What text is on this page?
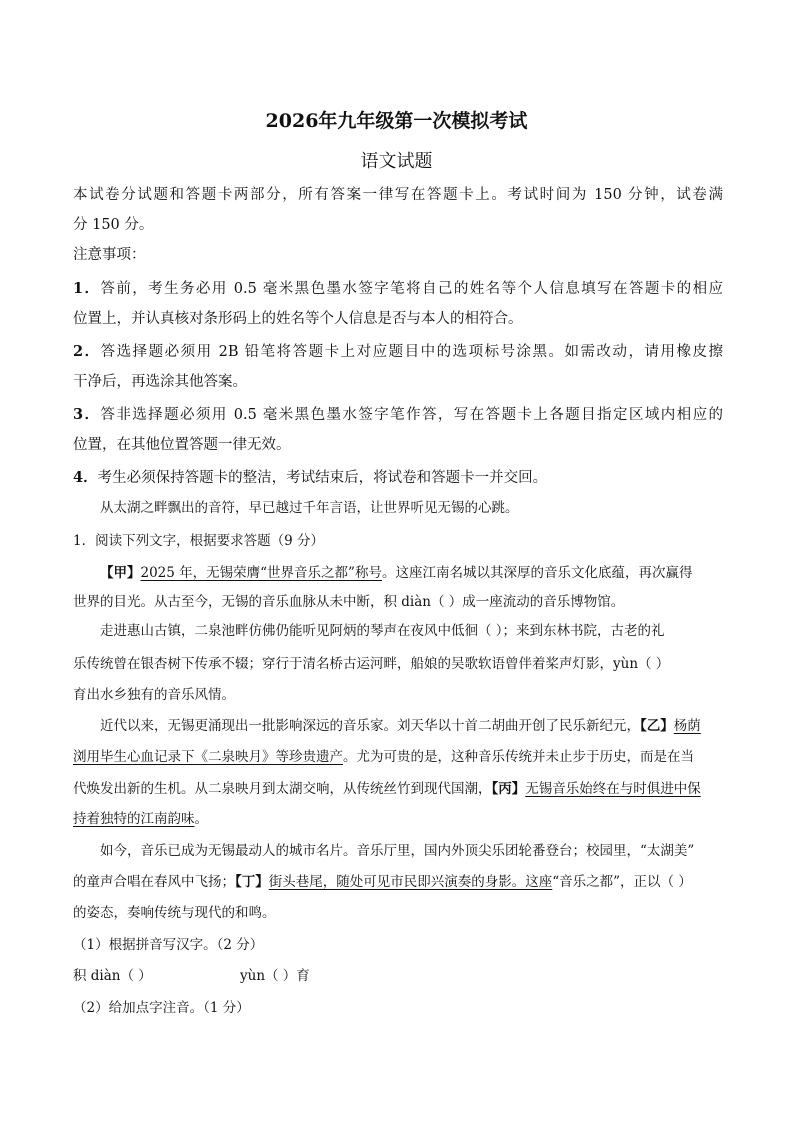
2026年九年级第一次模拟考试
语文试题
本试卷分试题和答题卡两部分，所有答案一律写在答题卡上。考试时间为 150 分钟，试卷满
分 150 分。
注意事项：
1．答前，考生务必用 0.5 毫米黑色墨水签字笔将自己的姓名等个人信息填写在答题卡的相应
位置上，并认真核对条形码上的姓名等个人信息是否与本人的相符合。
2．答选择题必须用 2B 铅笔将答题卡上对应题目中的选项标号涂黑。如需改动，请用橡皮擦
干净后，再选涂其他答案。
3．答非选择题必须用 0.5 毫米黑色墨水签字笔作答，写在答题卡上各题目指定区域内相应的
位置，在其他位置答题一律无效。
4．考生必须保持答题卡的整洁，考试结束后，将试卷和答题卡一并交回。
从太湖之畔飘出的音符，早已越过千年言语，让世界听见无锡的心跳。
1．阅读下列文字，根据要求答题（9 分）
【甲】2025 年，无锡荣膺“世界音乐之都”称号。这座江南名城以其深厚的音乐文化底蕴，再次赢得
世界的目光。从古至今，无锡的音乐血脉从未中断，积 diàn（ ）成一座流动的音乐博物馆。
走进惠山古镇，二泉池畔仿佛仍能听见阿炳的琴声在夜风中低徊（ ）；来到东林书院，古老的礼
乐传统曾在银杏树下传承不辍；穿行于清名桥古运河畔，船娘的吴歌软语曾伴着桨声灯影，yùn（ ）
育出水乡独有的音乐风情。
近代以来，无锡更涌现出一批影响深远的音乐家。刘天华以十首二胡曲开创了民乐新纪元，【乙】杨荫
浏用毕生心血记录下《二泉映月》等珍贵遗产。尤为可贵的是，这种音乐传统并未止步于历史，而是在当
代焕发出新的生机。从二泉映月到太湖交响，从传统丝竹到现代国潮，【丙】无锡音乐始终在与时俱进中保
持着独特的江南韵味。
如今，音乐已成为无锡最动人的城市名片。音乐厅里，国内外顶尖乐团轮番登台；校园里，“太湖美”
的童声合唱在春风中飞扬；【丁】街头巷尾，随处可见市民即兴演奏的身影。这座“音乐之都”，正以（ ）
的姿态，奏响传统与现代的和鸣。
（1）根据拼音写汉字。（2 分）
积 diàn（ ）	yùn（ ）育
（2）给加点字注音。（1 分）
